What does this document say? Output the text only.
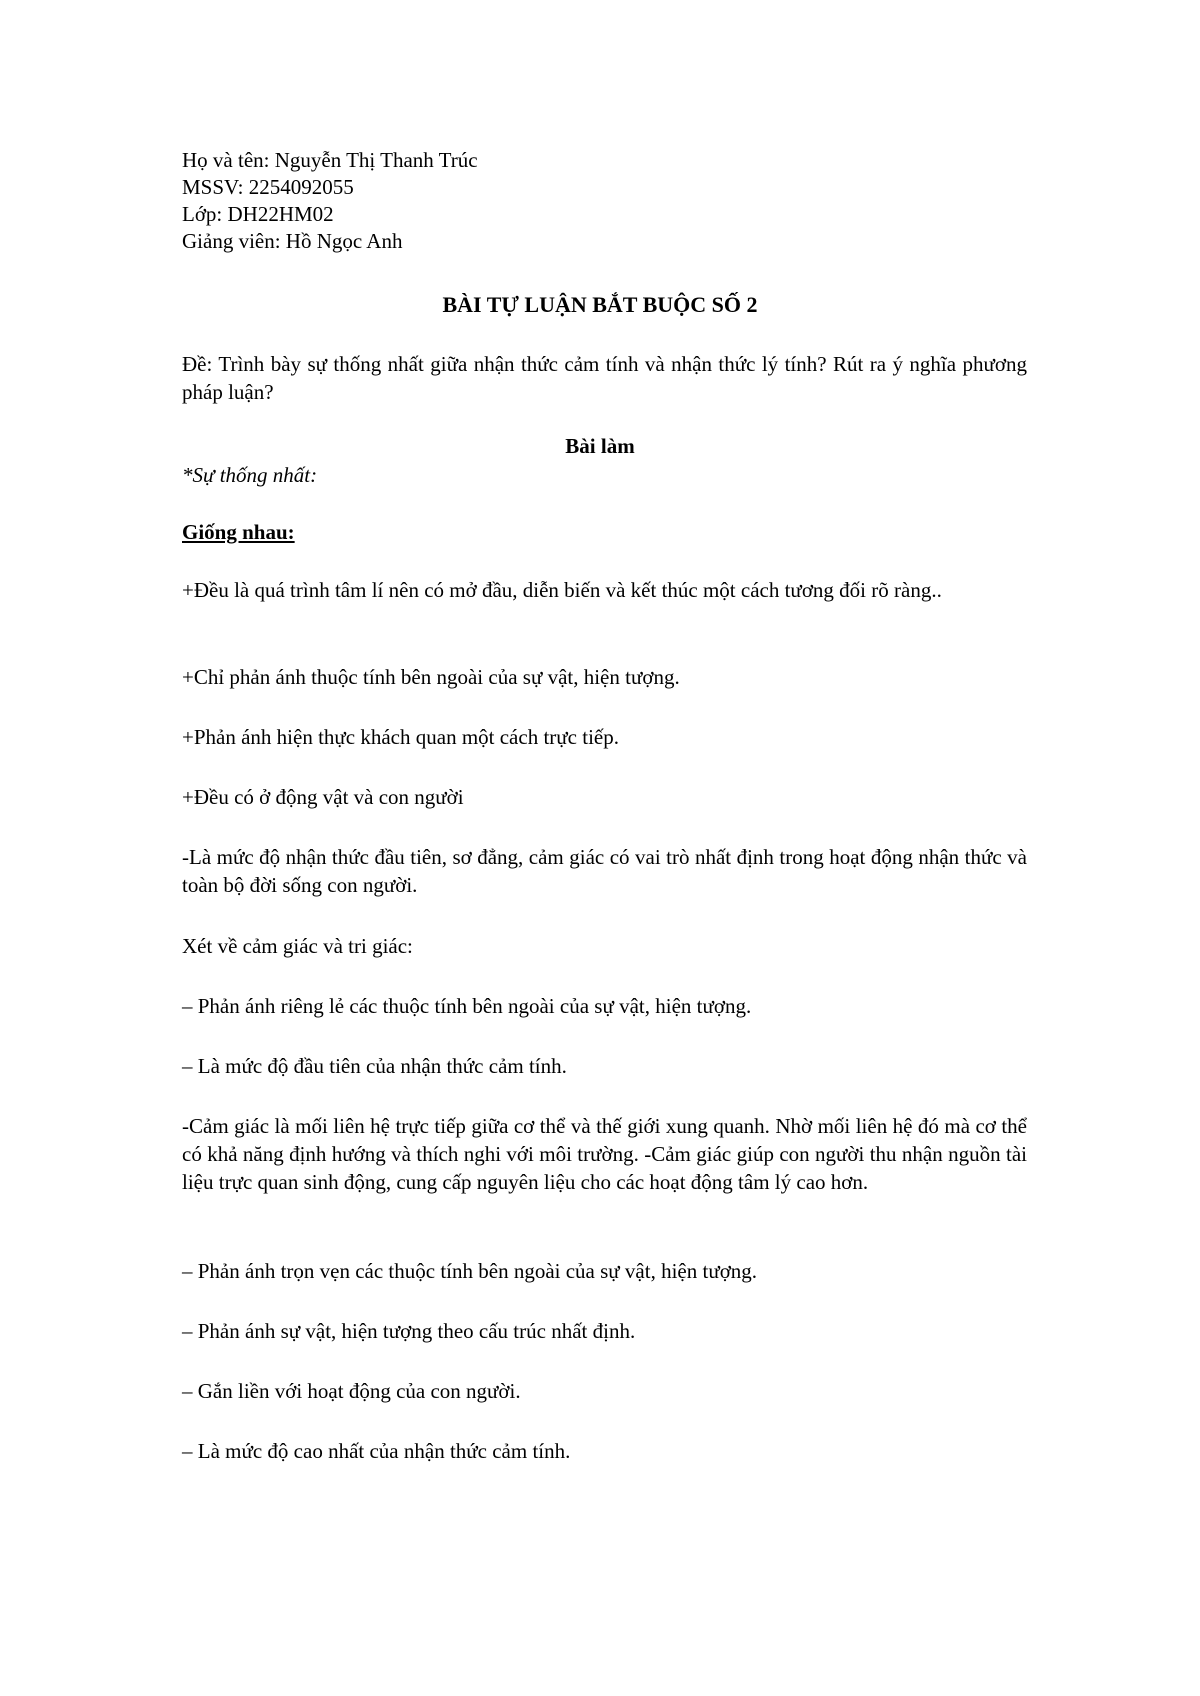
Họ và tên: Nguyễn Thị Thanh Trúc
MSSV: 2254092055
Lớp: DH22HM02
Giảng viên: Hồ Ngọc Anh
BÀI TỰ LUẬN BẮT BUỘC SỐ 2
Đề: Trình bày sự thống nhất giữa nhận thức cảm tính và nhận thức lý tính? Rút ra ý nghĩa phương pháp luận?
Bài làm
*Sự thống nhất:
Giống nhau:
+Đều là quá trình tâm lí nên có mở đầu, diễn biến và kết thúc một cách tương đối rõ ràng..
+Chỉ phản ánh thuộc tính bên ngoài của sự vật, hiện tượng.
+Phản ánh hiện thực khách quan một cách trực tiếp.
+Đều có ở động vật và con người
-Là mức độ nhận thức đầu tiên, sơ đẳng, cảm giác có vai trò nhất định trong hoạt động nhận thức và toàn bộ đời sống con người.
Xét về cảm giác và tri giác:
– Phản ánh riêng lẻ các thuộc tính bên ngoài của sự vật, hiện tượng.
– Là mức độ đầu tiên của nhận thức cảm tính.
-Cảm giác là mối liên hệ trực tiếp giữa cơ thể và thế giới xung quanh. Nhờ mối liên hệ đó mà cơ thể có khả năng định hướng và thích nghi với môi trường. -Cảm giác giúp con người thu nhận nguồn tài liệu trực quan sinh động, cung cấp nguyên liệu cho các hoạt động tâm lý cao hơn.
– Phản ánh trọn vẹn các thuộc tính bên ngoài của sự vật, hiện tượng.
– Phản ánh sự vật, hiện tượng theo cấu trúc nhất định.
– Gắn liền với hoạt động của con người.
– Là mức độ cao nhất của nhận thức cảm tính.
